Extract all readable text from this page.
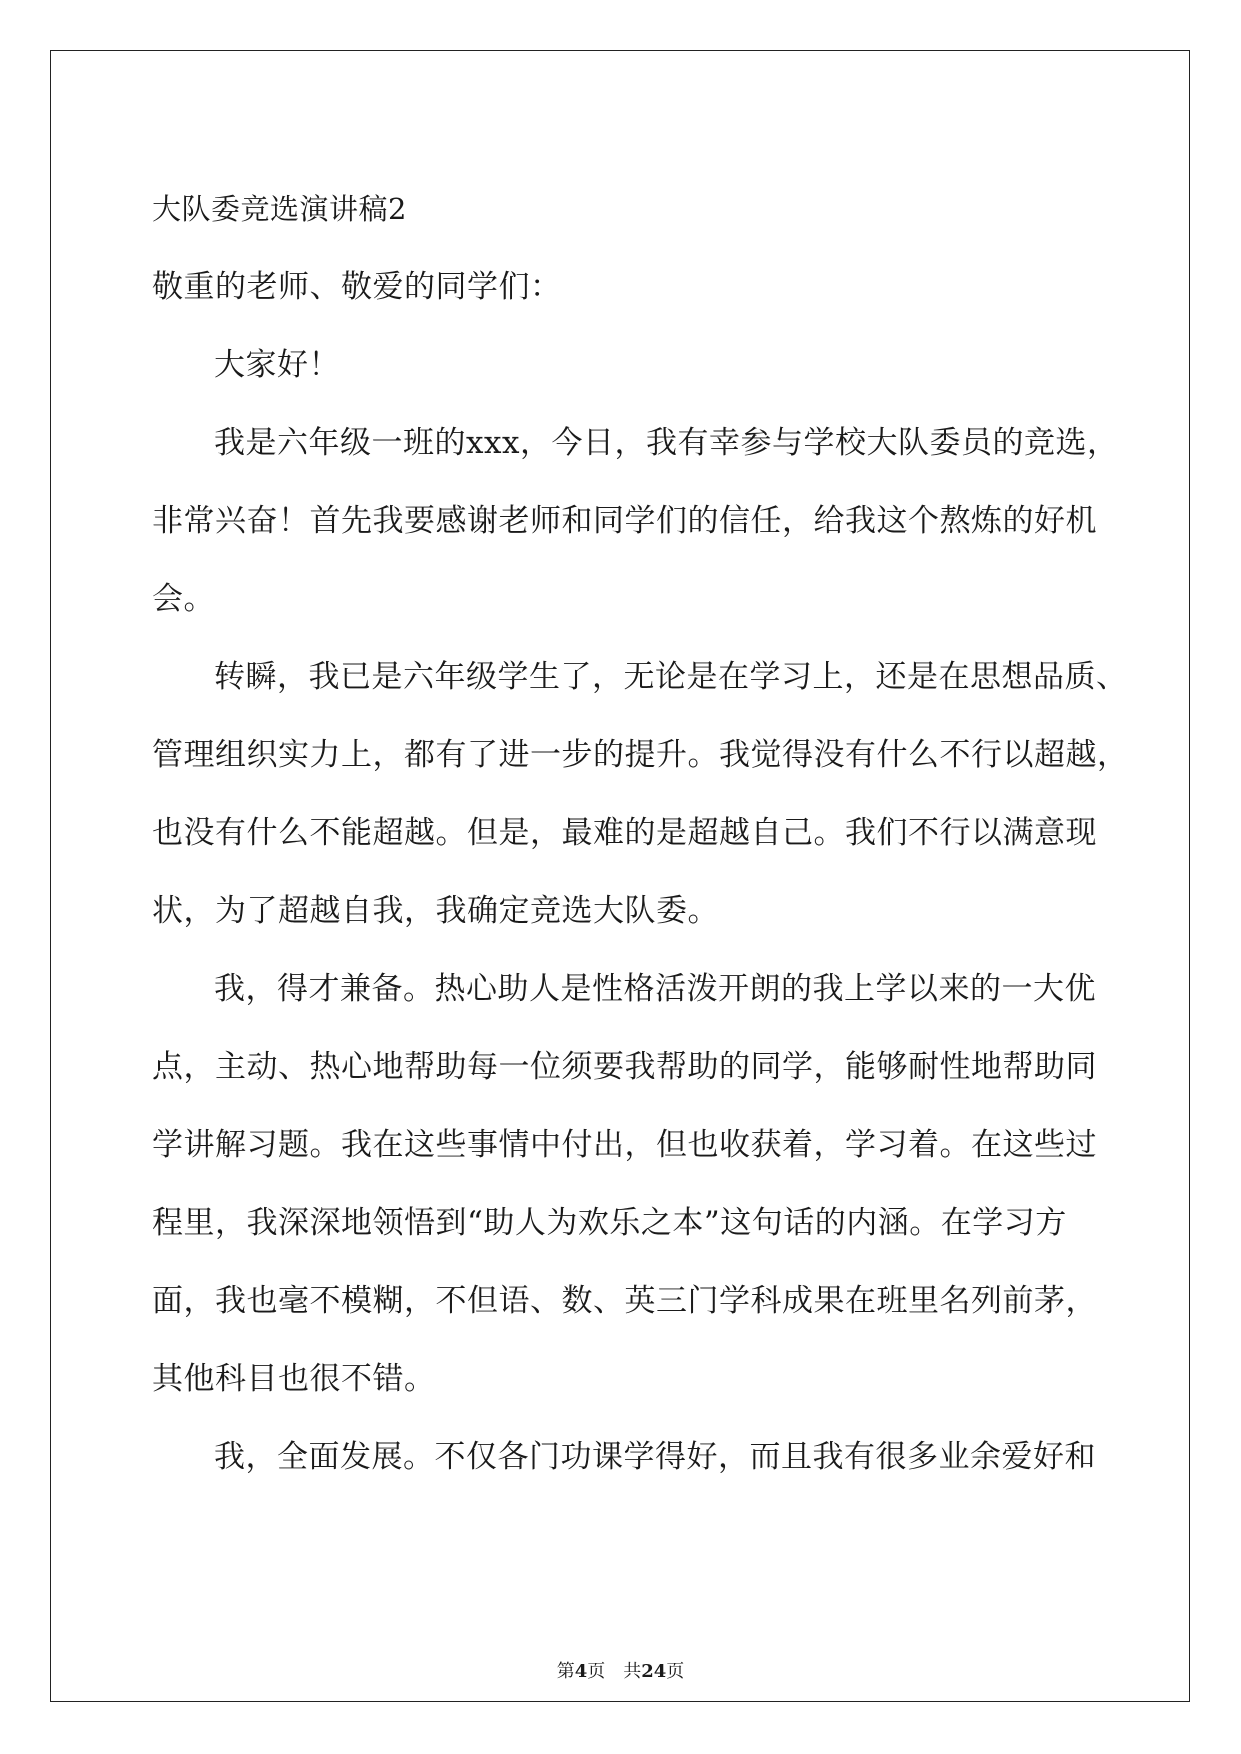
大队委竞选演讲稿2
敬重的老师、敬爱的同学们：
大家好！
我是六年级一班的xxx，今日，我有幸参与学校大队委员的竞选，
非常兴奋！首先我要感谢老师和同学们的信任，给我这个熬炼的好机
会。
转瞬，我已是六年级学生了，无论是在学习上，还是在思想品质、
管理组织实力上，都有了进一步的提升。我觉得没有什么不行以超越，
也没有什么不能超越。但是，最难的是超越自己。我们不行以满意现
状，为了超越自我，我确定竞选大队委。
我，得才兼备。热心助人是性格活泼开朗的我上学以来的一大优
点，主动、热心地帮助每一位须要我帮助的同学，能够耐性地帮助同
学讲解习题。我在这些事情中付出，但也收获着，学习着。在这些过
程里，我深深地领悟到“助人为欢乐之本”这句话的内涵。在学习方
面，我也毫不模糊，不但语、数、英三门学科成果在班里名列前茅，
其他科目也很不错。
我，全面发展。不仅各门功课学得好，而且我有很多业余爱好和
第4页 共24页
